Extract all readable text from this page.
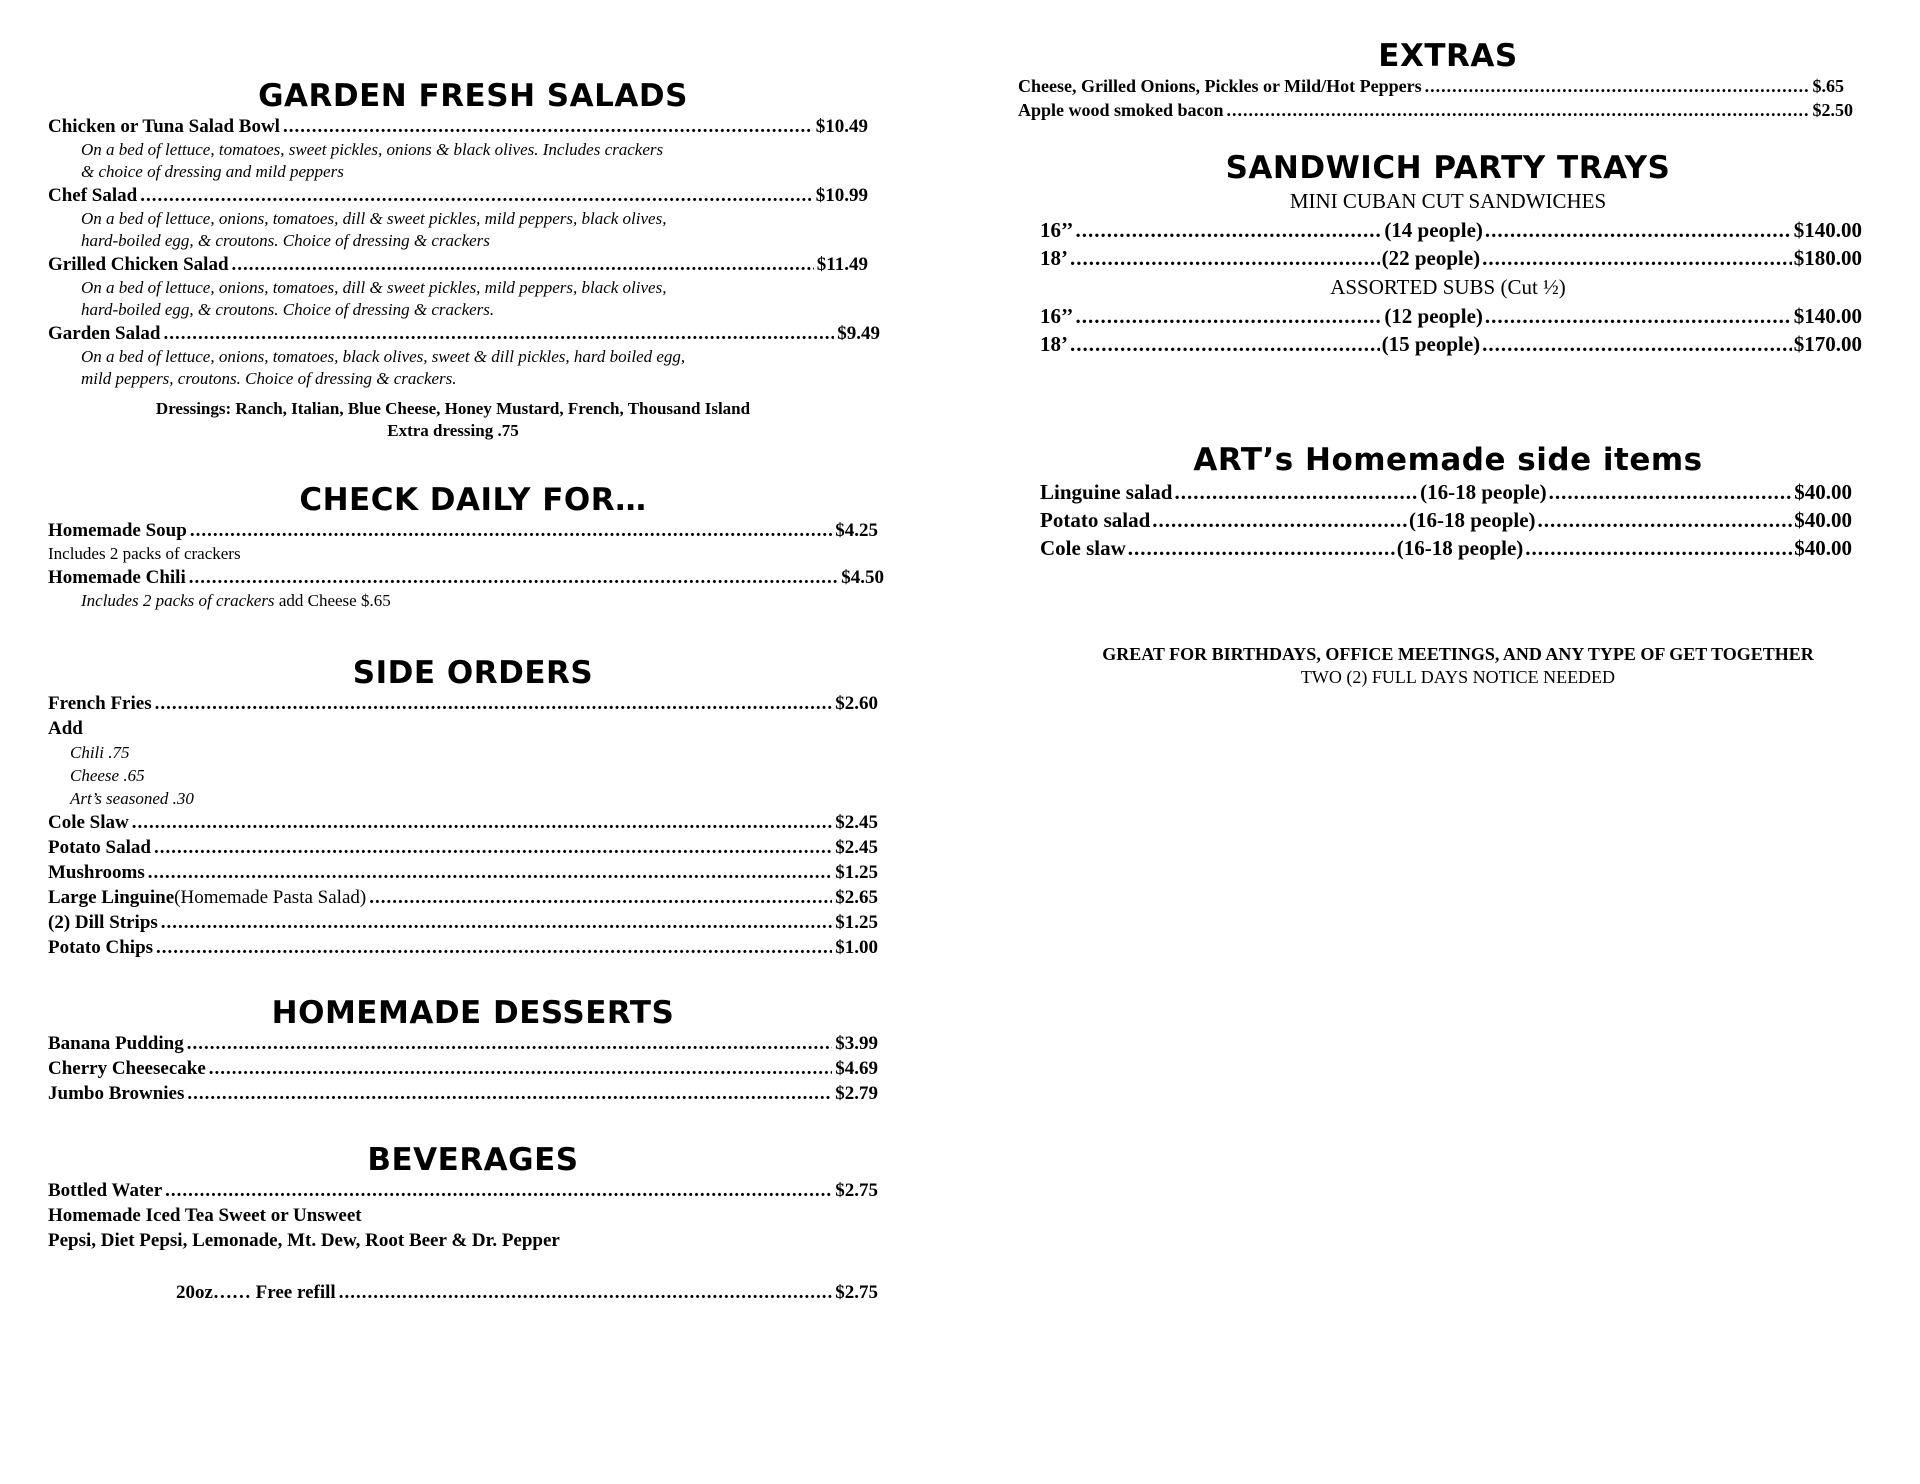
GARDEN FRESH SALADS
Chicken or Tuna Salad Bowl .....	$10.49
On a bed of lettuce, tomatoes, sweet pickles, onions & black olives. Includes crackers
& choice of dressing and mild peppers
Chef Salad .....	$10.99
On a bed of lettuce, onions, tomatoes, dill & sweet pickles, mild peppers, black olives,
hard-boiled egg, & croutons. Choice of dressing & crackers
Grilled Chicken Salad .....	$11.49
On a bed of lettuce, onions, tomatoes, dill & sweet pickles, mild peppers, black olives,
hard-boiled egg, & croutons. Choice of dressing & crackers.
Garden Salad .....	$9.49
On a bed of lettuce, onions, tomatoes, black olives, sweet & dill pickles, hard boiled egg,
mild peppers, croutons. Choice of dressing & crackers.
Dressings: Ranch, Italian, Blue Cheese, Honey Mustard, French, Thousand Island
Extra dressing .75
CHECK DAILY FOR…
Homemade Soup .....	$4.25
Includes 2 packs of crackers
Homemade Chili .....	$4.50
Includes 2 packs of crackers add Cheese $.65
SIDE ORDERS
French Fries .....	$2.60
Add
Chili .75
Cheese .65
Art’s seasoned .30
Cole Slaw .....	$2.45
Potato Salad .....	$2.45
Mushrooms .....	$1.25
Large Linguine (Homemade Pasta Salad) .....	$2.65
(2) Dill Strips .....	$1.25
Potato Chips .....	$1.00
HOMEMADE DESSERTS
Banana Pudding .....	$3.99
Cherry Cheesecake .....	$4.69
Jumbo Brownies .....	$2.79
BEVERAGES
Bottled Water .....	$2.75
Homemade Iced Tea Sweet or Unsweet
Pepsi, Diet Pepsi, Lemonade, Mt. Dew, Root Beer & Dr. Pepper
20oz…… Free refill .....	$2.75
EXTRAS
Cheese, Grilled Onions, Pickles or Mild/Hot Peppers .....	$.65
Apple wood smoked bacon .....	$2.50
SANDWICH PARTY TRAYS
MINI CUBAN CUT SANDWICHES
16’’ .....	(14 people) .....	$140.00
18’ .....	(22 people) .....	$180.00
ASSORTED SUBS (Cut ½)
16’’ .....	(12 people) .....	$140.00
18’ .....	(15 people) .....	$170.00
ART’s Homemade side items
Linguine salad .....	(16-18 people) .....	$40.00
Potato salad .....	(16-18 people) .....	$40.00
Cole slaw .....	(16-18 people) .....	$40.00
GREAT FOR BIRTHDAYS, OFFICE MEETINGS, AND ANY TYPE OF GET TOGETHER
TWO (2) FULL DAYS NOTICE NEEDED
